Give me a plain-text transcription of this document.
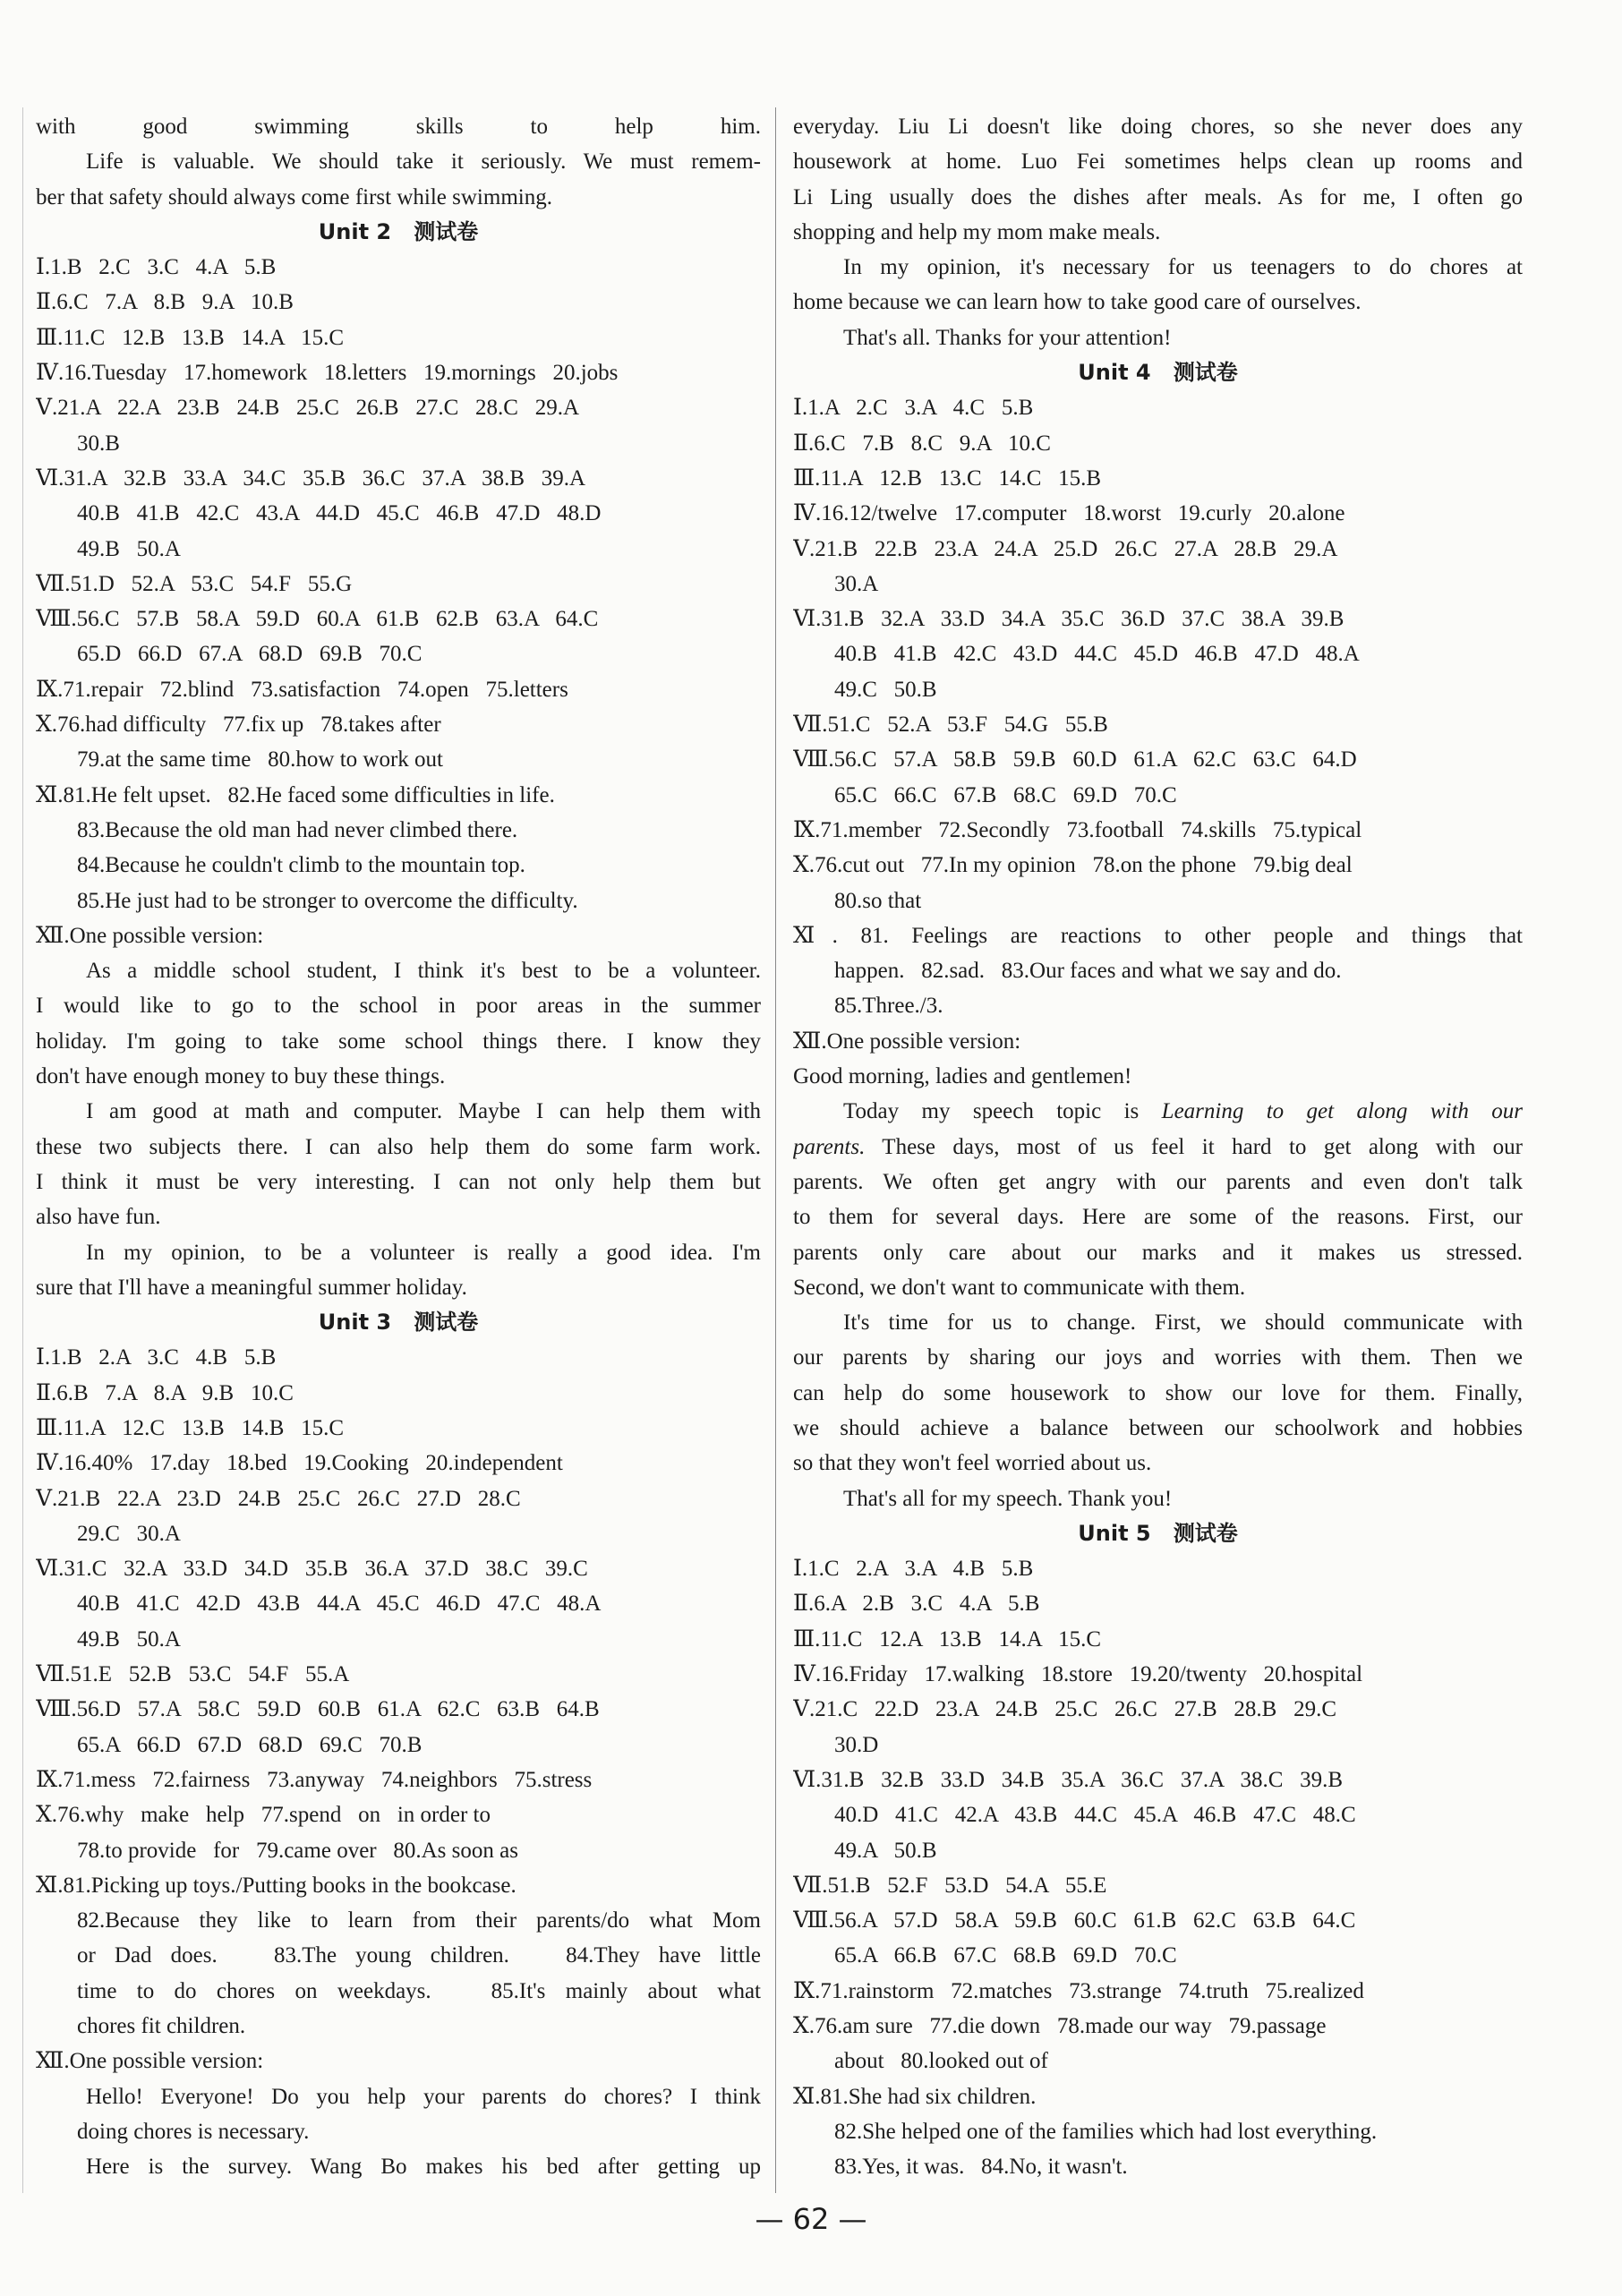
with good swimming skills to help him.
Life is valuable. We should take it seriously. We must remem-
ber that safety should always come first while swimming.
Unit 2   测试卷
Ⅰ.1.B   2.C   3.C   4.A   5.B
Ⅱ.6.C   7.A   8.B   9.A   10.B
Ⅲ.11.C   12.B   13.B   14.A   15.C
Ⅳ.16.Tuesday   17.homework   18.letters   19.mornings   20.jobs
Ⅴ.21.A   22.A   23.B   24.B   25.C   26.B   27.C   28.C   29.A
30.B
Ⅵ.31.A   32.B   33.A   34.C   35.B   36.C   37.A   38.B   39.A
40.B   41.B   42.C   43.A   44.D   45.C   46.B   47.D   48.D
49.B   50.A
Ⅶ.51.D   52.A   53.C   54.F   55.G
Ⅷ.56.C   57.B   58.A   59.D   60.A   61.B   62.B   63.A   64.C
65.D   66.D   67.A   68.D   69.B   70.C
Ⅸ.71.repair   72.blind   73.satisfaction   74.open   75.letters
Ⅹ.76.had difficulty   77.fix up   78.takes after
79.at the same time   80.how to work out
Ⅺ.81.He felt upset.   82.He faced some difficulties in life.
83.Because the old man had never climbed there.
84.Because he couldn't climb to the mountain top.
85.He just had to be stronger to overcome the difficulty.
Ⅻ.One possible version:
As a middle school student, I think it's best to be a volunteer.
I would like to go to the school in poor areas in the summer
holiday. I'm going to take some school things there. I know they
don't have enough money to buy these things.
I am good at math and computer. Maybe I can help them with
these two subjects there. I can also help them do some farm work.
I think it must be very interesting. I can not only help them but
also have fun.
In my opinion, to be a volunteer is really a good idea. I'm
sure that I'll have a meaningful summer holiday.
Unit 3   测试卷
Ⅰ.1.B   2.A   3.C   4.B   5.B
Ⅱ.6.B   7.A   8.A   9.B   10.C
Ⅲ.11.A   12.C   13.B   14.B   15.C
Ⅳ.16.40%   17.day   18.bed   19.Cooking   20.independent
Ⅴ.21.B   22.A   23.D   24.B   25.C   26.C   27.D   28.C
29.C   30.A
Ⅵ.31.C   32.A   33.D   34.D   35.B   36.A   37.D   38.C   39.C
40.B   41.C   42.D   43.B   44.A   45.C   46.D   47.C   48.A
49.B   50.A
Ⅶ.51.E   52.B   53.C   54.F   55.A
Ⅷ.56.D   57.A   58.C   59.D   60.B   61.A   62.C   63.B   64.B
65.A   66.D   67.D   68.D   69.C   70.B
Ⅸ.71.mess   72.fairness   73.anyway   74.neighbors   75.stress
Ⅹ.76.why   make   help   77.spend   on   in order to
78.to provide   for   79.came over   80.As soon as
Ⅺ.81.Picking up toys./Putting books in the bookcase.
82.Because they like to learn from their parents/do what Mom
or Dad does.   83.The young children.   84.They have little
time to do chores on weekdays.   85.It's mainly about what
chores fit children.
Ⅻ.One possible version:
Hello! Everyone! Do you help your parents do chores? I think
doing chores is necessary.
Here is the survey. Wang Bo makes his bed after getting up
everyday. Liu Li doesn't like doing chores, so she never does any
housework at home. Luo Fei sometimes helps clean up rooms and
Li Ling usually does the dishes after meals. As for me, I often go
shopping and help my mom make meals.
In my opinion, it's necessary for us teenagers to do chores at
home because we can learn how to take good care of ourselves.
That's all. Thanks for your attention!
Unit 4   测试卷
Ⅰ.1.A   2.C   3.A   4.C   5.B
Ⅱ.6.C   7.B   8.C   9.A   10.C
Ⅲ.11.A   12.B   13.C   14.C   15.B
Ⅳ.16.12/twelve   17.computer   18.worst   19.curly   20.alone
Ⅴ.21.B   22.B   23.A   24.A   25.D   26.C   27.A   28.B   29.A
30.A
Ⅵ.31.B   32.A   33.D   34.A   35.C   36.D   37.C   38.A   39.B
40.B   41.B   42.C   43.D   44.C   45.D   46.B   47.D   48.A
49.C   50.B
Ⅶ.51.C   52.A   53.F   54.G   55.B
Ⅷ.56.C   57.A   58.B   59.B   60.D   61.A   62.C   63.C   64.D
65.C   66.C   67.B   68.C   69.D   70.C
Ⅸ.71.member   72.Secondly   73.football   74.skills   75.typical
Ⅹ.76.cut out   77.In my opinion   78.on the phone   79.big deal
80.so that
Ⅺ. 81. Feelings are reactions to other people and things that
happen.   82.sad.   83.Our faces and what we say and do.
85.Three./3.
Ⅻ.One possible version:
Good morning, ladies and gentlemen!
Today my speech topic is Learning to get along with our
parents. These days, most of us feel it hard to get along with our
parents. We often get angry with our parents and even don't talk
to them for several days. Here are some of the reasons. First, our
parents only care about our marks and it makes us stressed.
Second, we don't want to communicate with them.
It's time for us to change. First, we should communicate with
our parents by sharing our joys and worries with them. Then we
can help do some housework to show our love for them. Finally,
we should achieve a balance between our schoolwork and hobbies
so that they won't feel worried about us.
That's all for my speech. Thank you!
Unit 5   测试卷
Ⅰ.1.C   2.A   3.A   4.B   5.B
Ⅱ.6.A   2.B   3.C   4.A   5.B
Ⅲ.11.C   12.A   13.B   14.A   15.C
Ⅳ.16.Friday   17.walking   18.store   19.20/twenty   20.hospital
Ⅴ.21.C   22.D   23.A   24.B   25.C   26.C   27.B   28.B   29.C
30.D
Ⅵ.31.B   32.B   33.D   34.B   35.A   36.C   37.A   38.C   39.B
40.D   41.C   42.A   43.B   44.C   45.A   46.B   47.C   48.C
49.A   50.B
Ⅶ.51.B   52.F   53.D   54.A   55.E
Ⅷ.56.A   57.D   58.A   59.B   60.C   61.B   62.C   63.B   64.C
65.A   66.B   67.C   68.B   69.D   70.C
Ⅸ.71.rainstorm   72.matches   73.strange   74.truth   75.realized
Ⅹ.76.am sure   77.die down   78.made our way   79.passage
about   80.looked out of
Ⅺ.81.She had six children.
82.She helped one of the families which had lost everything.
83.Yes, it was.   84.No, it wasn't.
— 62 —
